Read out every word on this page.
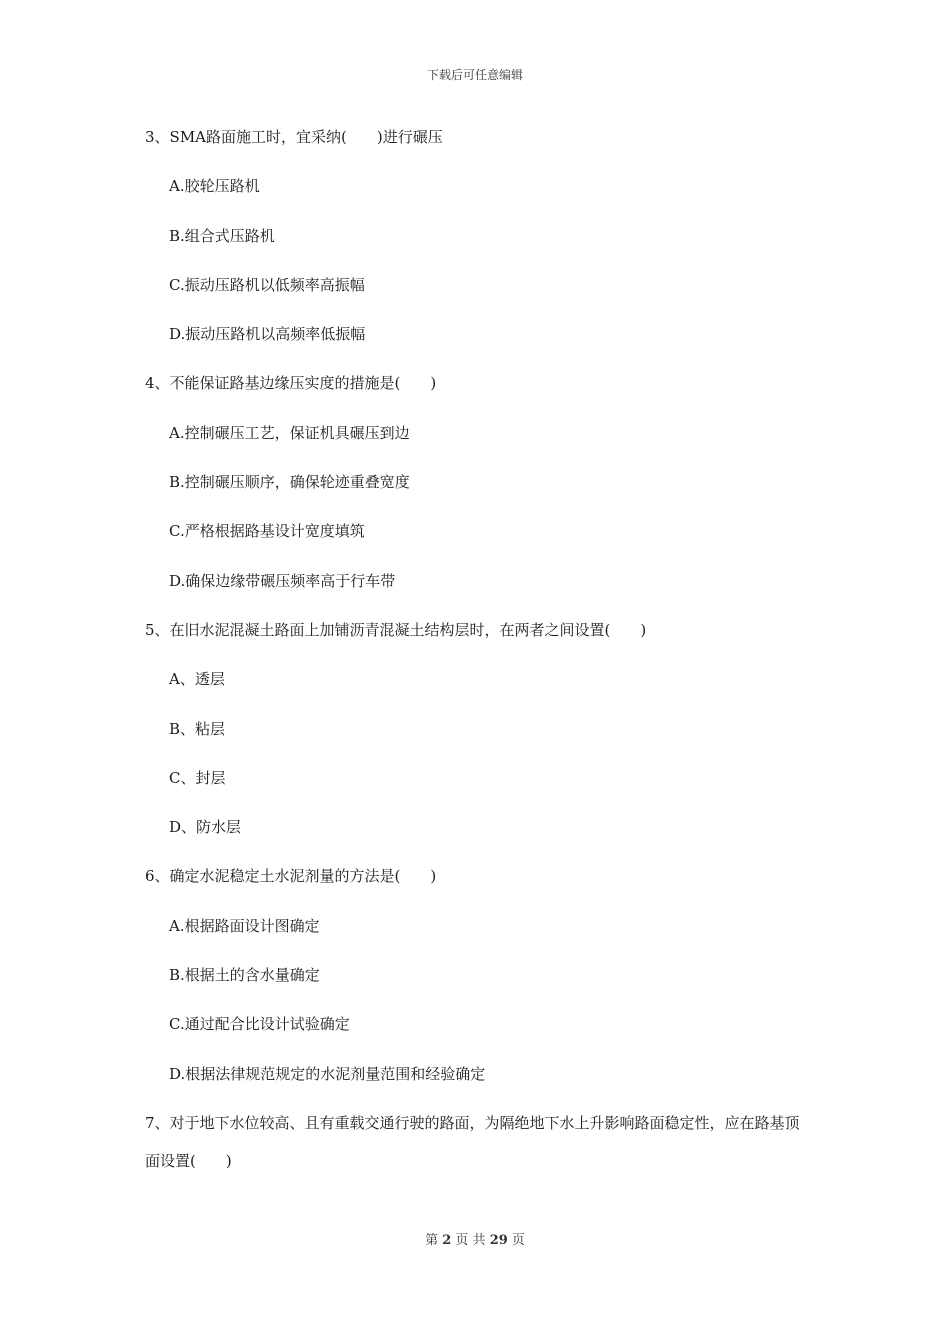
下载后可任意编辑
3、SMA路面施工时，宜采纳(　　)进行碾压
A.胶轮压路机
B.组合式压路机
C.振动压路机以低频率高振幅
D.振动压路机以高频率低振幅
4、不能保证路基边缘压实度的措施是(　　)
A.控制碾压工艺，保证机具碾压到边
B.控制碾压顺序，确保轮迹重叠宽度
C.严格根据路基设计宽度填筑
D.确保边缘带碾压频率高于行车带
5、在旧水泥混凝土路面上加铺沥青混凝土结构层时，在两者之间设置(　　)
A、透层
B、粘层
C、封层
D、防水层
6、确定水泥稳定土水泥剂量的方法是(　　)
A.根据路面设计图确定
B.根据土的含水量确定
C.通过配合比设计试验确定
D.根据法律规范规定的水泥剂量范围和经验确定
7、对于地下水位较高、且有重载交通行驶的路面，为隔绝地下水上升影响路面稳定性，应在路基顶面设置(　　)
第 2 页 共 29 页
